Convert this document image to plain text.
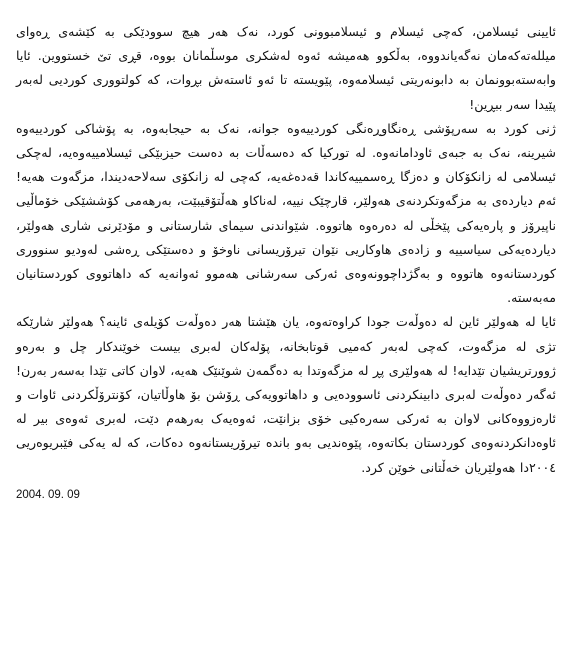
ئایینی ئیسلامن، کەچی ئیسلام و ئیسلامبوونی کورد، نەک هەر هیچ سوودێکی بە کێشەی ڕەوای میللەتەکەمان نەگەیاندووە، بەڵکوو هەمیشە ئەوە لەشکری موسڵمانان بووە، قڕی تێ خستووین. ئایا وابەستەبوونمان بە دابونەریتی ئیسلامەوە، پێویستە تا ئەو ئاستەش بڕوات، کە کولتووری کوردیی لەبەر پێیدا سەر ببڕین!

ژنی کورد بە سەرپۆشی ڕەنگاوڕەنگی کوردییەوە جوانە، نەک بە حیجابەوە، بە پۆشاکی کوردییەوە شیرینە، نەک بە جبەی ئاودامانەوە. لە تورکیا کە دەسەڵات بە دەست حیزبێکی ئیسلامییەوەیە، لەچکی ئیسلامی لە زانکۆکان و دەزگا ڕەسمییەکاندا قەدەغەیە، کەچی لە زانکۆی سەلاحەدیندا، مزگەوت هەیە! ئەم دیاردەی بە مزگەوتکردنەی هەولێر، قارچێک نییە، لەناکاو هەڵتۆقیبێت، بەرهەمی کۆششێکی خۆماڵیی ناپیرۆز و پارەیەکی پێخڵی لە دەرەوە هاتووە. شێواندنی سیمای شارستانی و مۆدێرنی شاری هەولێر، دیاردەیەکی سیاسییە و زادەی هاوکاریی نێوان تیرۆریسانی ناوخۆ و دەستێکی ڕەشی لەودیو سنووری کوردستانەوە هاتووە و بەگژداچوونەوەی ئەرکی سەرشانی هەموو ئەوانەیە کە داهاتووی کوردستانیان مەبەستە.

ئایا لە هەولێر ئاین لە دەوڵەت جودا کراوەتەوە، یان هێشتا هەر دەوڵەت کۆیلەی ئاینە؟ هەولێر شارێکە تژی لە مزگەوت، کەچی لەبەر کەمیی قوتابخانە، پۆلەکان لەبری بیست خوێندکار چل و بەرەو ژوورتریشیان تێدایە! لە هەولێری پڕ لە مزگەوتدا بە دەگمەن شوێنێک هەیە، لاوان کاتی تێدا بەسەر بەرن! ئەگەر دەوڵەت لەبری دابینکردنی ئاسوودەیی و داهاتوویەکی ڕۆشن بۆ هاوڵاتیان، کۆنترۆڵکردنی ئاوات و ئارەزووەکانی لاوان بە ئەرکی سەرەکیی خۆی بزانێت، ئەوەیەک بەرهەم دێت، لەبری ئەوەی بیر لە ئاوەدانکردنەوەی کوردستان بکاتەوە، پێوەندیی بەو باندە تیرۆریستانەوە دەکات، کە لە یەکی فێبریوەریی ۲۰۰٤دا هەولێریان خەڵتانی خوێن کرد.

2004. 09. 09
